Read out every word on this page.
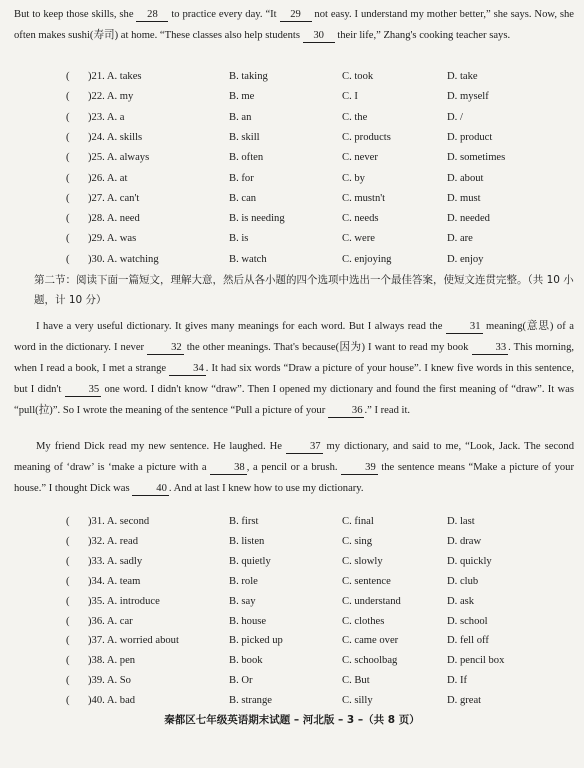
But to keep those skills, she 28 to practice every day. “It 29 not easy. I understand my mother better,” she says. Now, she often makes sushi(寿司) at home. “These classes also help students 30 their life,” Zhang's cooking teacher says.

( )21. A. takes	B. taking	C. took	D. take
( )22. A. my	B. me	C. I	D. myself
( )23. A. a	B. an	C. the	D. /
( )24. A. skills	B. skill	C. products	D. product
( )25. A. always	B. often	C. never	D. sometimes
( )26. A. at	B. for	C. by	D. about
( )27. A. can't	B. can	C. mustn't	D. must
( )28. A. need	B. is needing	C. needs	D. needed
( )29. A. was	B. is	C. were	D. are
( )30. A. watching	B. watch	C. enjoying	D. enjoy

第二节：阅读下面一篇短文，理解大意，然后从各小题的四个选项中选出一个最佳答案，使短文连贯完整。（共 10 小题，计 10 分）

I have a very useful dictionary. It gives many meanings for each word. But I always read the 31 meaning(意思) of a word in the dictionary. I never 32 the other meanings. That's because(因为) I want to read my book 33 . This morning, when I read a book, I met a strange 34 . It had six words “Draw a picture of your house”. I knew five words in this sentence, but I didn't 35 one word. I didn't know “draw”. Then I opened my dictionary and found the first meaning of “draw”. It was “pull(拉)”. So I wrote the meaning of the sentence “Pull a picture of your 36 .” I read it.

My friend Dick read my new sentence. He laughed. He 37 my dictionary, and said to me, “Look, Jack. The second meaning of ‘draw’ is ‘make a picture with a 38 , a pencil or a brush. 39 the sentence means “Make a picture of your house.” I thought Dick was 40 . And at last I knew how to use my dictionary.

( )31. A. second	B. first	C. final	D. last
( )32. A. read	B. listen	C. sing	D. draw
( )33. A. sadly	B. quietly	C. slowly	D. quickly
( )34. A. team	B. role	C. sentence	D. club
( )35. A. introduce	B. say	C. understand	D. ask
( )36. A. car	B. house	C. clothes	D. school
( )37. A. worried about	B. picked up	C. came over	D. fell off
( )38. A. pen	B. book	C. schoolbag	D. pencil box
( )39. A. So	B. Or	C. But	D. If
( )40. A. bad	B. strange	C. silly	D. great
秦都区七年级英语期末试题 – 河北版 – 3 –（共 8 页）
